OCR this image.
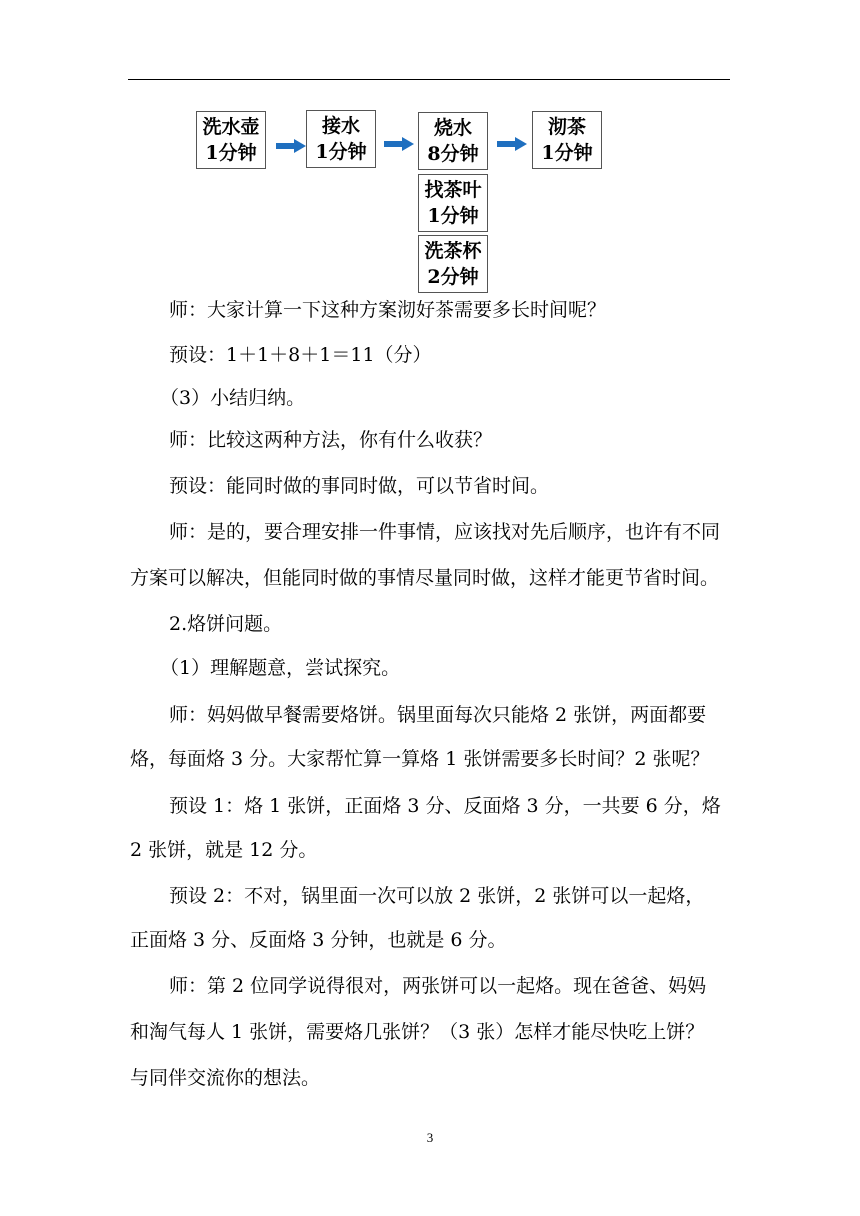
洗水壶
1分钟
接水
1分钟
烧水
8分钟
沏茶
1分钟
找茶叶
1分钟
洗茶杯
2分钟
师：大家计算一下这种方案沏好茶需要多长时间呢？
预设：1＋1＋8＋1＝11（分）
（3）小结归纳。
师：比较这两种方法，你有什么收获？
预设：能同时做的事同时做，可以节省时间。
师：是的，要合理安排一件事情，应该找对先后顺序，也许有不同
方案可以解决，但能同时做的事情尽量同时做，这样才能更节省时间。
2.烙饼问题。
（1）理解题意，尝试探究。
师：妈妈做早餐需要烙饼。锅里面每次只能烙 2 张饼，两面都要
烙，每面烙 3 分。大家帮忙算一算烙 1 张饼需要多长时间？2 张呢？
预设 1：烙 1 张饼，正面烙 3 分、反面烙 3 分，一共要 6 分，烙
2 张饼，就是 12 分。
预设 2：不对，锅里面一次可以放 2 张饼，2 张饼可以一起烙，
正面烙 3 分、反面烙 3 分钟，也就是 6 分。
师：第 2 位同学说得很对，两张饼可以一起烙。现在爸爸、妈妈
和淘气每人 1 张饼，需要烙几张饼？（3 张）怎样才能尽快吃上饼？
与同伴交流你的想法。
3
